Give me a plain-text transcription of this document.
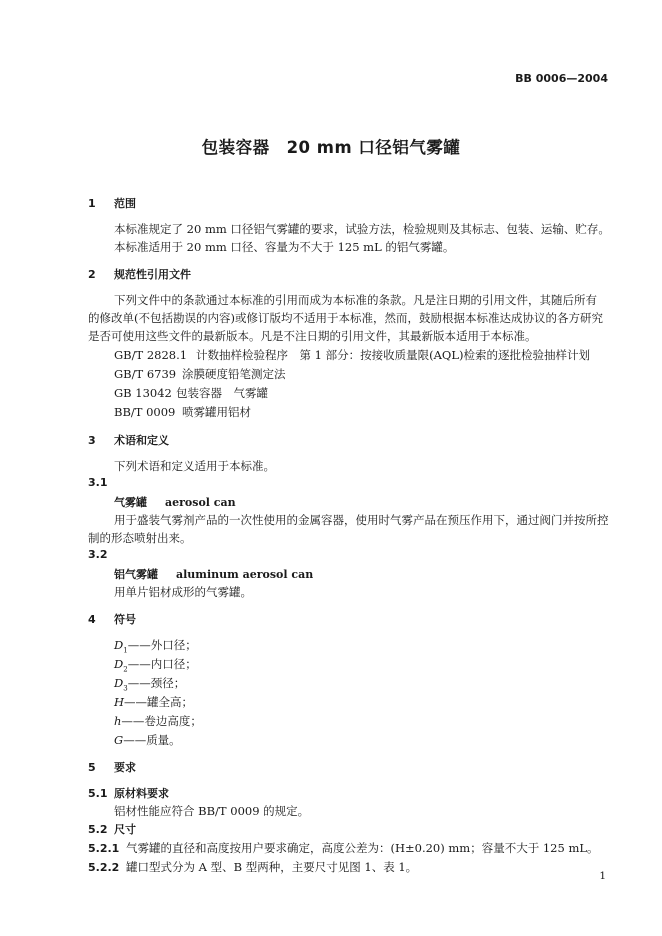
BB 0006—2004
包装容器　20 mm 口径铝气雾罐
1 范围
本标准规定了 20 mm 口径铝气雾罐的要求，试验方法，检验规则及其标志、包装、运输、贮存。
本标准适用于 20 mm 口径、容量为不大于 125 mL 的铝气雾罐。
2 规范性引用文件
下列文件中的条款通过本标准的引用而成为本标准的条款。凡是注日期的引用文件，其随后所有
的修改单(不包括勘误的内容)或修订版均不适用于本标准，然而，鼓励根据本标准达成协议的各方研究
是否可使用这些文件的最新版本。凡是不注日期的引用文件，其最新版本适用于本标准。
GB/T 2828.1 计数抽样检验程序　第 1 部分：按接收质量限(AQL)检索的逐批检验抽样计划
GB/T 6739 涂膜硬度铅笔测定法
GB 13042 包装容器　气雾罐
BB/T 0009 喷雾罐用铝材
3 术语和定义
下列术语和定义适用于本标准。
3.1
气雾罐 aerosol can
用于盛装气雾剂产品的一次性使用的金属容器，使用时气雾产品在预压作用下，通过阀门并按所控
制的形态喷射出来。
3.2
铝气雾罐 aluminum aerosol can
用单片铝材成形的气雾罐。
4 符号
$D_1——$外口径；
$D_2——$内口径；
$D_3——$颈径；
H——罐全高；
h——卷边高度；
G——质量。
5 要求
5.1 原材料要求
铝材性能应符合 BB/T 0009 的规定。
5.2 尺寸
5.2.1 气雾罐的直径和高度按用户要求确定，高度公差为：(H±0.20) mm；容量不大于 125 mL。
5.2.2 罐口型式分为 A 型、B 型两种，主要尺寸见图 1、表 1。
1
